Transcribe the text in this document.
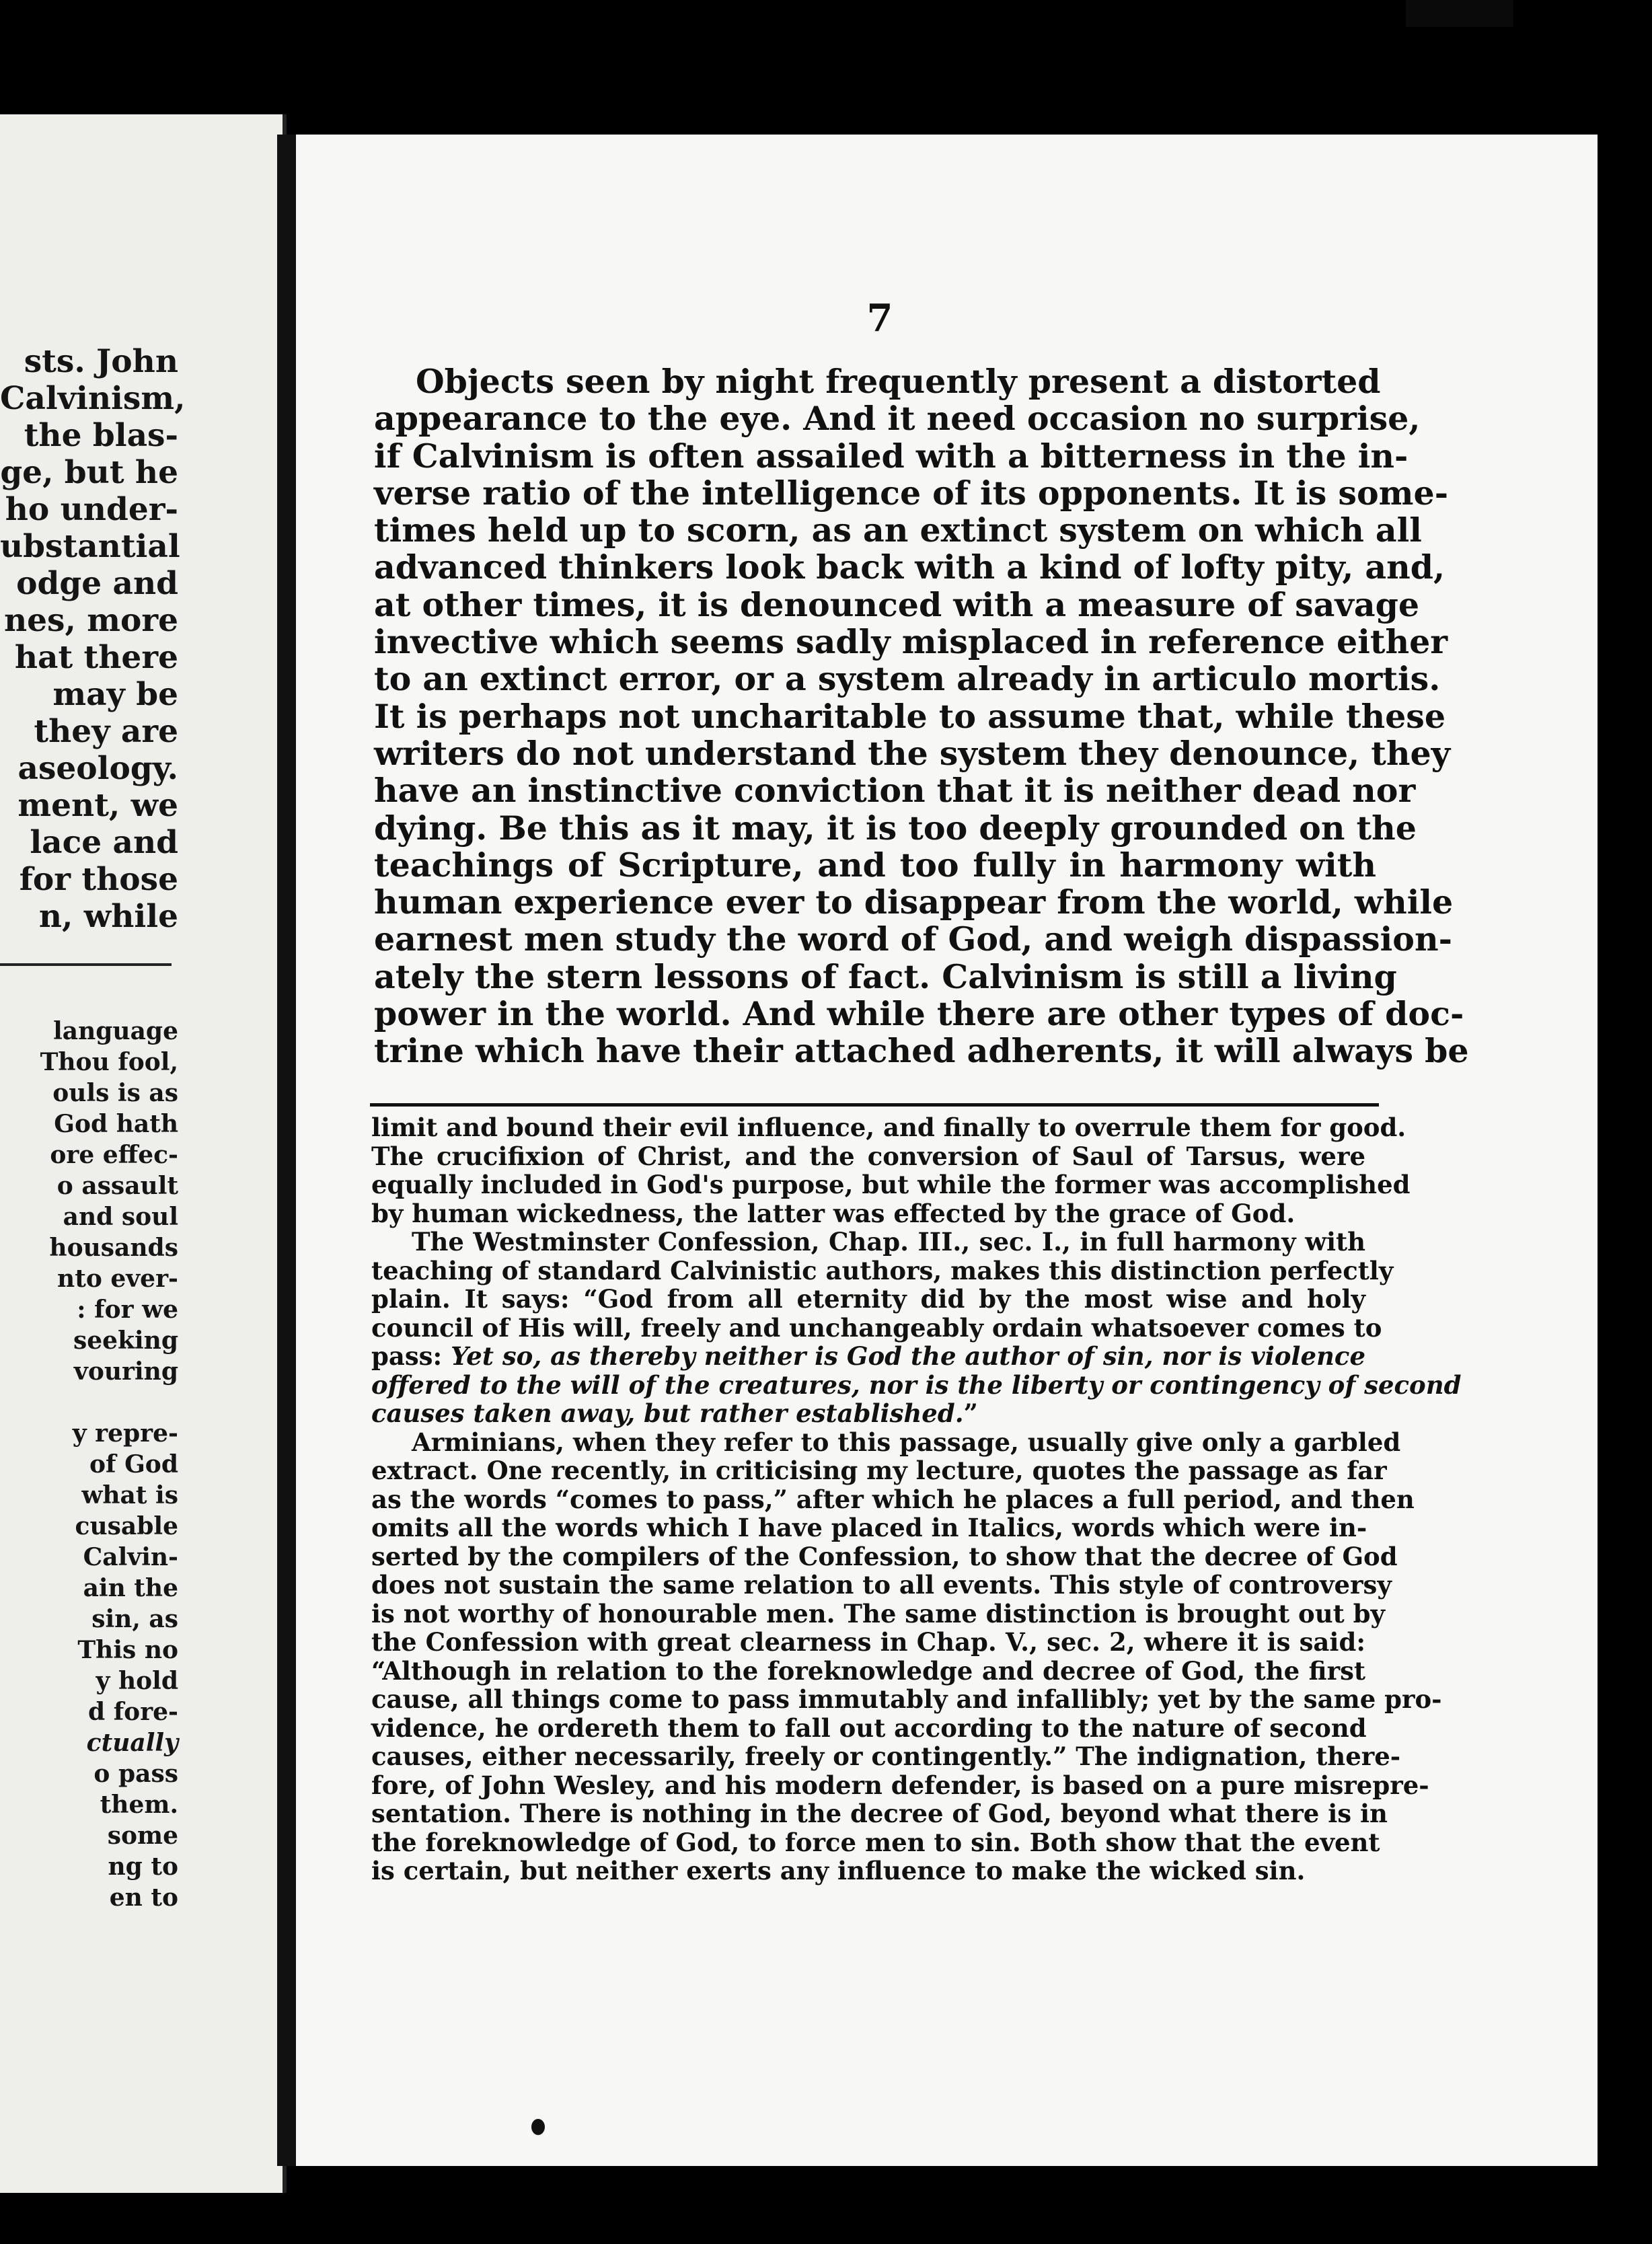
sts. John
Calvinism,
the blas-
ge, but he
ho under-
ubstantial
odge and
nes, more
hat there
may be
they are
aseology.
ment, we
lace and
for those
n, while
language
Thou fool,
ouls is as
God hath
ore effec-
o assault
and soul
housands
nto ever-
: for we
seeking
vouring
y repre-
of God
what is
cusable
Calvin-
ain the
sin, as
This no
y hold
d fore-
ctually
o pass
them.
some
ng to
en to
7
Objects seen by night frequently present a distorted
appearance to the eye. And it need occasion no surprise,
if Calvinism is often assailed with a bitterness in the in-
verse ratio of the intelligence of its opponents. It is some-
times held up to scorn, as an extinct system on which all
advanced thinkers look back with a kind of lofty pity, and,
at other times, it is denounced with a measure of savage
invective which seems sadly misplaced in reference either
to an extinct error, or a system already in articulo mortis.
It is perhaps not uncharitable to assume that, while these
writers do not understand the system they denounce, they
have an instinctive conviction that it is neither dead nor
dying. Be this as it may, it is too deeply grounded on the
teachings of Scripture, and too fully in harmony with
human experience ever to disappear from the world, while
earnest men study the word of God, and weigh dispassion-
ately the stern lessons of fact. Calvinism is still a living
power in the world. And while there are other types of doc-
trine which have their attached adherents, it will always be
limit and bound their evil influence, and finally to overrule them for good.
The crucifixion of Christ, and the conversion of Saul of Tarsus, were
equally included in God's purpose, but while the former was accomplished
by human wickedness, the latter was effected by the grace of God.
The Westminster Confession, Chap. III., sec. I., in full harmony with
teaching of standard Calvinistic authors, makes this distinction perfectly
plain. It says: “God from all eternity did by the most wise and holy
council of His will, freely and unchangeably ordain whatsoever comes to
pass: Yet so, as thereby neither is God the author of sin, nor is violence
offered to the will of the creatures, nor is the liberty or contingency of second
causes taken away, but rather established.”
Arminians, when they refer to this passage, usually give only a garbled
extract. One recently, in criticising my lecture, quotes the passage as far
as the words “comes to pass,” after which he places a full period, and then
omits all the words which I have placed in Italics, words which were in-
serted by the compilers of the Confession, to show that the decree of God
does not sustain the same relation to all events. This style of controversy
is not worthy of honourable men. The same distinction is brought out by
the Confession with great clearness in Chap. V., sec. 2, where it is said:
“Although in relation to the foreknowledge and decree of God, the first
cause, all things come to pass immutably and infallibly; yet by the same pro-
vidence, he ordereth them to fall out according to the nature of second
causes, either necessarily, freely or contingently.” The indignation, there-
fore, of John Wesley, and his modern defender, is based on a pure misrepre-
sentation. There is nothing in the decree of God, beyond what there is in
the foreknowledge of God, to force men to sin. Both show that the event
is certain, but neither exerts any influence to make the wicked sin.
